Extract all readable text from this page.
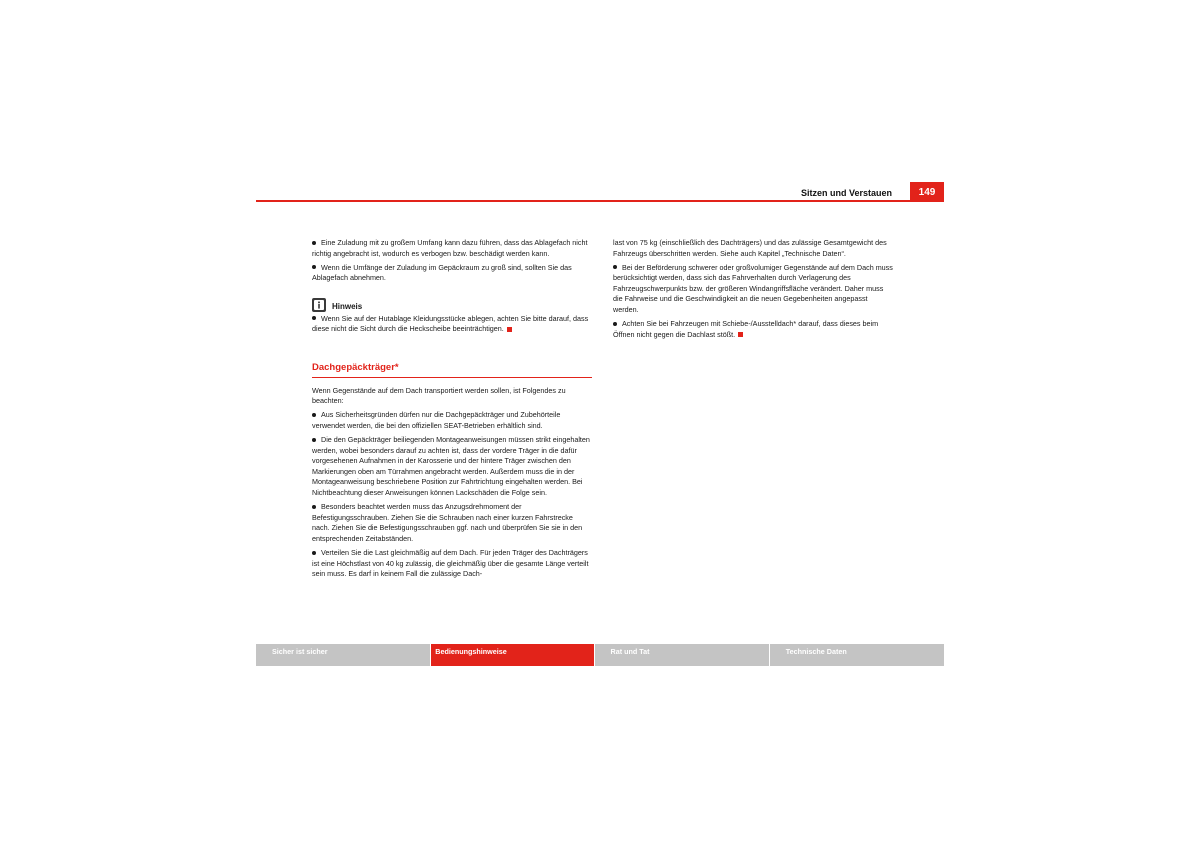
Sitzen und Verstauen	149

Eine Zuladung mit zu großem Umfang kann dazu führen, dass das Ablagefach nicht richtig angebracht ist, wodurch es verbogen bzw. beschädigt werden kann.

Wenn die Umfänge der Zuladung im Gepäckraum zu groß sind, sollten Sie das Ablagefach abnehmen.

Hinweis

Wenn Sie auf der Hutablage Kleidungsstücke ablegen, achten Sie bitte darauf, dass diese nicht die Sicht durch die Heckscheibe beeinträchtigen.

Dachgepäckträger*

Wenn Gegenstände auf dem Dach transportiert werden sollen, ist Folgendes zu beachten:

Aus Sicherheitsgründen dürfen nur die Dachgepäckträger und Zubehörteile verwendet werden, die bei den offiziellen SEAT-Betrieben erhältlich sind.

Die den Gepäckträger beiliegenden Montageanweisungen müssen strikt eingehalten werden, wobei besonders darauf zu achten ist, dass der vordere Träger in die dafür vorgesehenen Aufnahmen in der Karosserie und der hintere Träger zwischen den Markierungen oben am Türrahmen angebracht werden. Außerdem muss die in der Montageanweisung beschriebene Position zur Fahrtrichtung eingehalten werden. Bei Nichtbeachtung dieser Anweisungen können Lackschäden die Folge sein.

Besonders beachtet werden muss das Anzugsdrehmoment der Befestigungsschrauben. Ziehen Sie die Schrauben nach einer kurzen Fahrstrecke nach. Ziehen Sie die Befestigungsschrauben ggf. nach und überprüfen Sie sie in den entsprechenden Zeitabständen.

Verteilen Sie die Last gleichmäßig auf dem Dach. Für jeden Träger des Dachträgers ist eine Höchstlast von 40 kg zulässig, die gleichmäßig über die gesamte Länge verteilt sein muss. Es darf in keinem Fall die zulässige Dach-

last von 75 kg (einschließlich des Dachträgers) und das zulässige Gesamtgewicht des Fahrzeugs überschritten werden. Siehe auch Kapitel „Technische Daten“.

Bei der Beförderung schwerer oder großvolumiger Gegenstände auf dem Dach muss berücksichtigt werden, dass sich das Fahrverhalten durch Verlagerung des Fahrzeugschwerpunkts bzw. der größeren Windangriffsfläche verändert. Daher muss die Fahrweise und die Geschwindigkeit an die neuen Gegebenheiten angepasst werden.

Achten Sie bei Fahrzeugen mit Schiebe-/Ausstelldach* darauf, dass dieses beim Öffnen nicht gegen die Dachlast stößt.

Sicher ist sicher	Bedienungshinweise	Rat und Tat	Technische Daten
